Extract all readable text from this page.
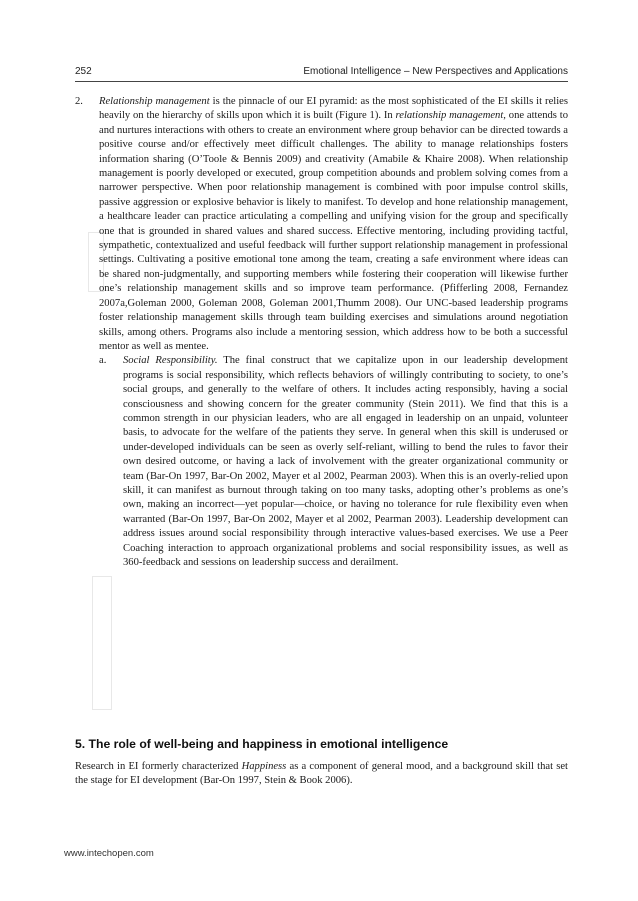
252	Emotional Intelligence – New Perspectives and Applications
2. Relationship management is the pinnacle of our EI pyramid: as the most sophisticated of the EI skills it relies heavily on the hierarchy of skills upon which it is built (Figure 1). In relationship management, one attends to and nurtures interactions with others to create an environment where group behavior can be directed towards a positive course and/or effectively meet difficult challenges. The ability to manage relationships fosters information sharing (O’Toole & Bennis 2009) and creativity (Amabile & Khaire 2008). When relationship management is poorly developed or executed, group competition abounds and problem solving comes from a narrower perspective. When poor relationship management is combined with poor impulse control skills, passive aggression or explosive behavior is likely to manifest. To develop and hone relationship management, a healthcare leader can practice articulating a compelling and unifying vision for the group and specifically one that is grounded in shared values and shared success. Effective mentoring, including providing tactful, sympathetic, contextualized and useful feedback will further support relationship management in professional settings. Cultivating a positive emotional tone among the team, creating a safe environment where ideas can be shared non-judgmentally, and supporting members while fostering their cooperation will likewise further one’s relationship management skills and so improve team performance. (Pfifferling 2008, Fernandez 2007a,Goleman 2000, Goleman 2008, Goleman 2001,Thumm 2008). Our UNC-based leadership programs foster relationship management skills through team building exercises and simulations around negotiation skills, among others. Programs also include a mentoring session, which address how to be both a successful mentor as well as mentee.

a. Social Responsibility. The final construct that we capitalize upon in our leadership development programs is social responsibility, which reflects behaviors of willingly contributing to society, to one’s social groups, and generally to the welfare of others. It includes acting responsibly, having a social consciousness and showing concern for the greater community (Stein 2011). We find that this is a common strength in our physician leaders, who are all engaged in leadership on an unpaid, volunteer basis, to advocate for the welfare of the patients they serve. In general when this skill is underused or under-developed individuals can be seen as overly self-reliant, willing to bend the rules to favor their own desired outcome, or having a lack of involvement with the greater organizational community or team (Bar-On 1997, Bar-On 2002, Mayer et al 2002, Pearman 2003). When this is an overly-relied upon skill, it can manifest as burnout through taking on too many tasks, adopting other’s problems as one’s own, making an incorrect—yet popular—choice, or having no tolerance for rule flexibility even when warranted (Bar-On 1997, Bar-On 2002, Mayer et al 2002, Pearman 2003). Leadership development can address issues around social responsibility through interactive values-based exercises. We use a Peer Coaching interaction to approach organizational problems and social responsibility issues, as well as 360-feedback and sessions on leadership success and derailment.

5. The role of well-being and happiness in emotional intelligence

Research in EI formerly characterized Happiness as a component of general mood, and a background skill that set the stage for EI development (Bar-On 1997, Stein & Book 2006).

www.intechopen.com
